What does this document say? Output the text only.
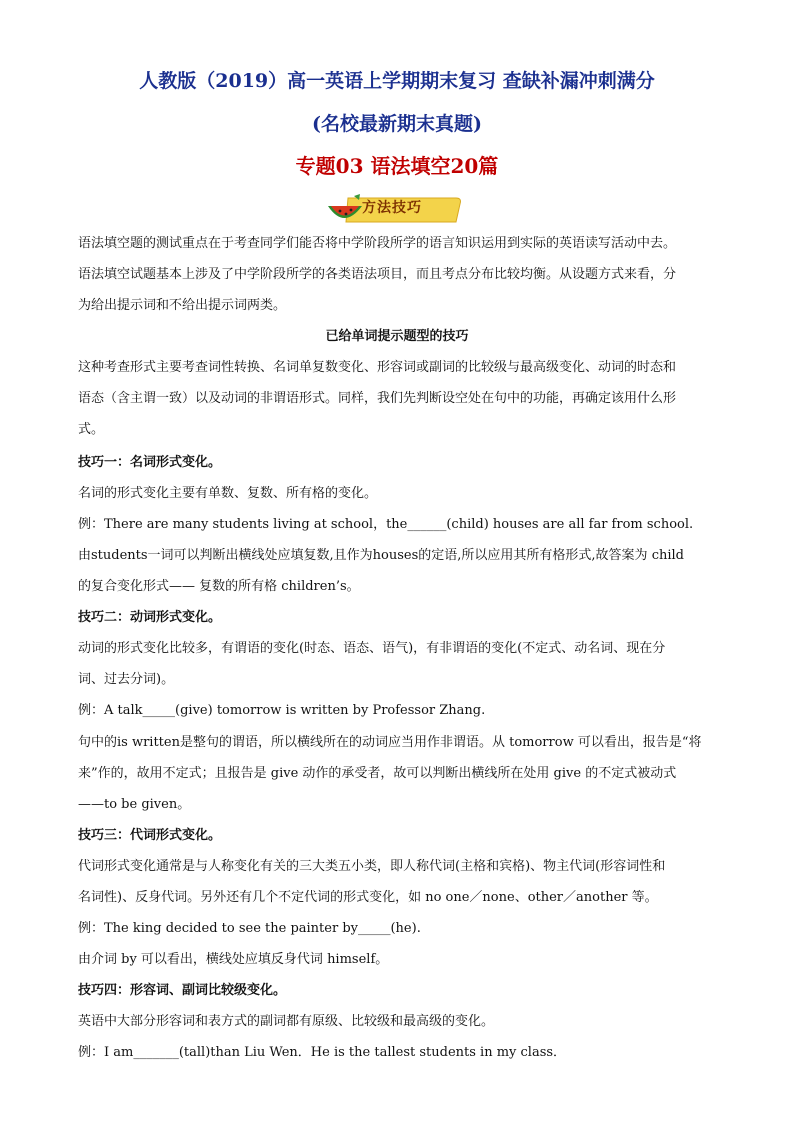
人教版（2019）高一英语上学期期末复习 查缺补漏冲刺满分
(名校最新期末真题)
专题03 语法填空20篇
方法技巧
语法填空题的测试重点在于考查同学们能否将中学阶段所学的语言知识运用到实际的英语读写活动中去。
语法填空试题基本上涉及了中学阶段所学的各类语法项目，而且考点分布比较均衡。从设题方式来看，分
为给出提示词和不给出提示词两类。
已给单词提示题型的技巧
这种考查形式主要考查词性转换、名词单复数变化、形容词或副词的比较级与最高级变化、动词的时态和
语态（含主谓一致）以及动词的非谓语形式。同样，我们先判断设空处在句中的功能，再确定该用什么形
式。
技巧一：名词形式变化。
名词的形式变化主要有单数、复数、所有格的变化。
例：There are many students living at school，the______(child) houses are all far from school.
由students一词可以判断出横线处应填复数,且作为houses的定语,所以应用其所有格形式,故答案为 child
的复合变化形式—— 复数的所有格 children’s。
技巧二：动词形式变化。
动词的形式变化比较多，有谓语的变化(时态、语态、语气)，有非谓语的变化(不定式、动名词、现在分
词、过去分词)。
例：A talk_____(give) tomorrow is written by Professor Zhang.
句中的is written是整句的谓语，所以横线所在的动词应当用作非谓语。从 tomorrow 可以看出，报告是“将
来”作的，故用不定式；且报告是 give 动作的承受者，故可以判断出横线所在处用 give 的不定式被动式
——to be given。
技巧三：代词形式变化。
代词形式变化通常是与人称变化有关的三大类五小类，即人称代词(主格和宾格)、物主代词(形容词性和
名词性)、反身代词。另外还有几个不定代词的形式变化，如 no one／none、other／another 等。
例：The king decided to see the painter by_____(he).
由介词 by 可以看出，横线处应填反身代词 himself。
技巧四：形容词、副词比较级变化。
英语中大部分形容词和表方式的副词都有原级、比较级和最高级的变化。
例：I am_______(tall)than Liu Wen．He is the tallest students in my class．
